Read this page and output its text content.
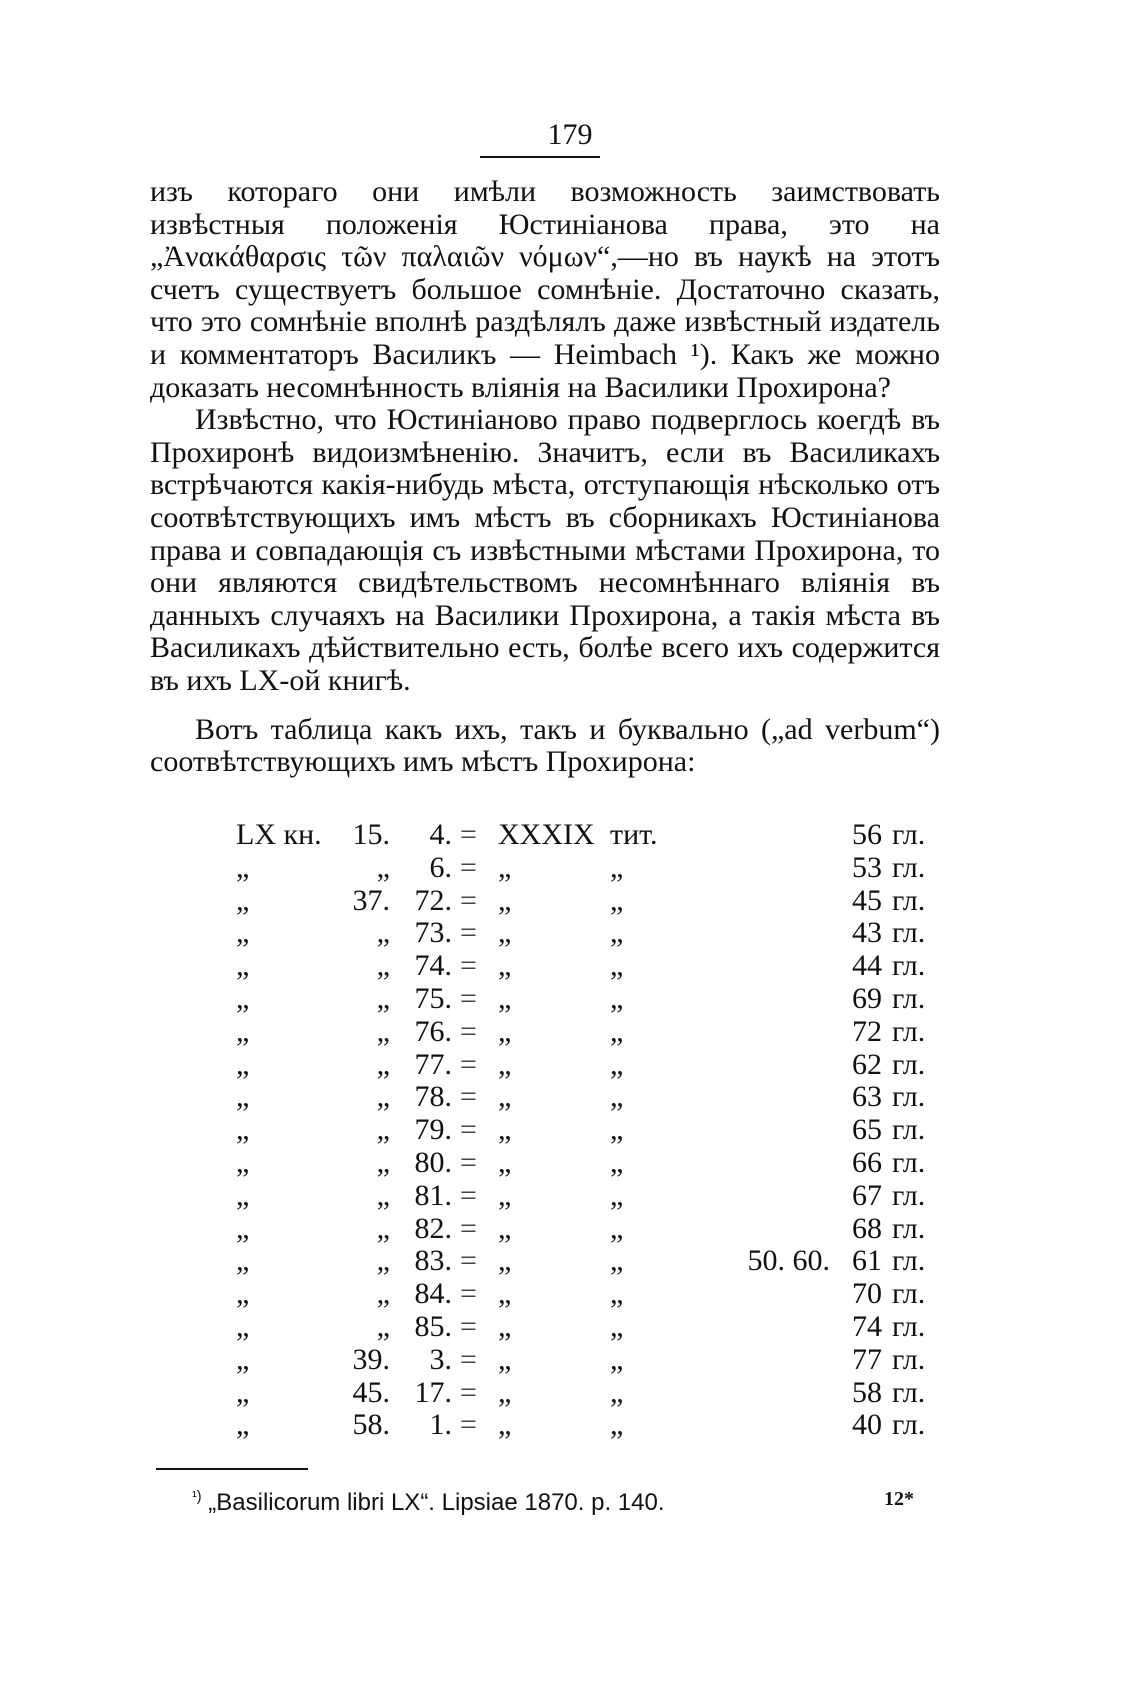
179

изъ котораго они имѣли возможность заимствовать извѣстныя положенія Юстиніанова права, это на „Ἀνακάθαρσις τῶν παλαιῶν νόμων“,—но въ наукѣ на этотъ счетъ существуетъ большое сомнѣніе. Достаточно сказать, что это сомнѣніе вполнѣ раздѣлялъ даже извѣстный издатель и комментаторъ Василикъ — Heimbach ¹). Какъ же можно доказать несомнѣнность вліянія на Василики Прохирона?

Извѣстно, что Юстиніаново право подверглось коегдѣ въ Прохиронѣ видоизмѣненію. Значитъ, если въ Василикахъ встрѣчаются какія-нибудь мѣста, отступающія нѣсколько отъ соотвѣтствующихъ имъ мѣстъ въ сборникахъ Юстиніанова права и совпадающія съ извѣстными мѣстами Прохирона, то они являются свидѣтельствомъ несомнѣннаго вліянія въ данныхъ случаяхъ на Василики Прохирона, а такія мѣста въ Василикахъ дѣйствительно есть, болѣе всего ихъ содержится въ ихъ LX-ой книгѣ.

Вотъ таблица какъ ихъ, такъ и буквально („ad verbum“) соотвѣтствующихъ имъ мѣстъ Прохирона:

LX кн.	15.	4. = XXXIX тит.	56 гл.
„	„	6. = „	„	53 гл.
„	37. 72. = „	„	45 гл.
„	„ 73. = „	„	43 гл.
„	„ 74. = „	„	44 гл.
„	„ 75. = „	„	69 гл.
„	„ 76. = „	„	72 гл.
„	„ 77. = „	„	62 гл.
„	„ 78. = „	„	63 гл.
„	„ 79. = „	„	65 гл.
„	„ 80. = „	„	66 гл.
„	„ 81. = „	„	67 гл.
„	„ 82. = „	„	68 гл.
„	„ 83. = „	„	50. 60. 61 гл.
„	„ 84. = „	„	70 гл.
„	„ 85. = „	„	74 гл.
„	39.	3. = „	„	77 гл.
„	45. 17. = „	„	58 гл.
„	58.	1. = „	„	40 гл.
$^{^1)}$ „Basilicorum libri LX“. Lipsiae 1870. p. 140.	12*
